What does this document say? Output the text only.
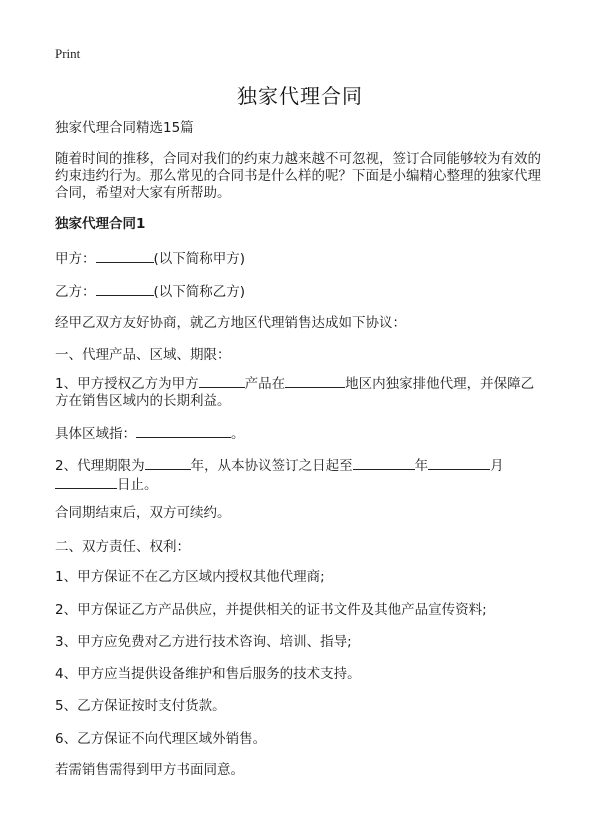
Print
独家代理合同
独家代理合同精选15篇
随着时间的推移，合同对我们的约束力越来越不可忽视，签订合同能够较为有效的约束违约行为。那么常见的合同书是什么样的呢？下面是小编精心整理的独家代理合同，希望对大家有所帮助。
独家代理合同1
甲方：	(以下简称甲方)
乙方：	(以下简称乙方)
经甲乙双方友好协商，就乙方地区代理销售达成如下协议：
一、代理产品、区域、期限：
1、甲方授权乙方为甲方	产品在	地区内独家排他代理，并保障乙方在销售区域内的长期利益。
具体区域指：	。
2、代理期限为	年，从本协议签订之日起至	年	月
日止。
合同期结束后，双方可续约。
二、双方责任、权利：
1、甲方保证不在乙方区域内授权其他代理商;
2、甲方保证乙方产品供应，并提供相关的证书文件及其他产品宣传资料;
3、甲方应免费对乙方进行技术咨询、培训、指导;
4、甲方应当提供设备维护和售后服务的技术支持。
5、乙方保证按时支付货款。
6、乙方保证不向代理区域外销售。
若需销售需得到甲方书面同意。
